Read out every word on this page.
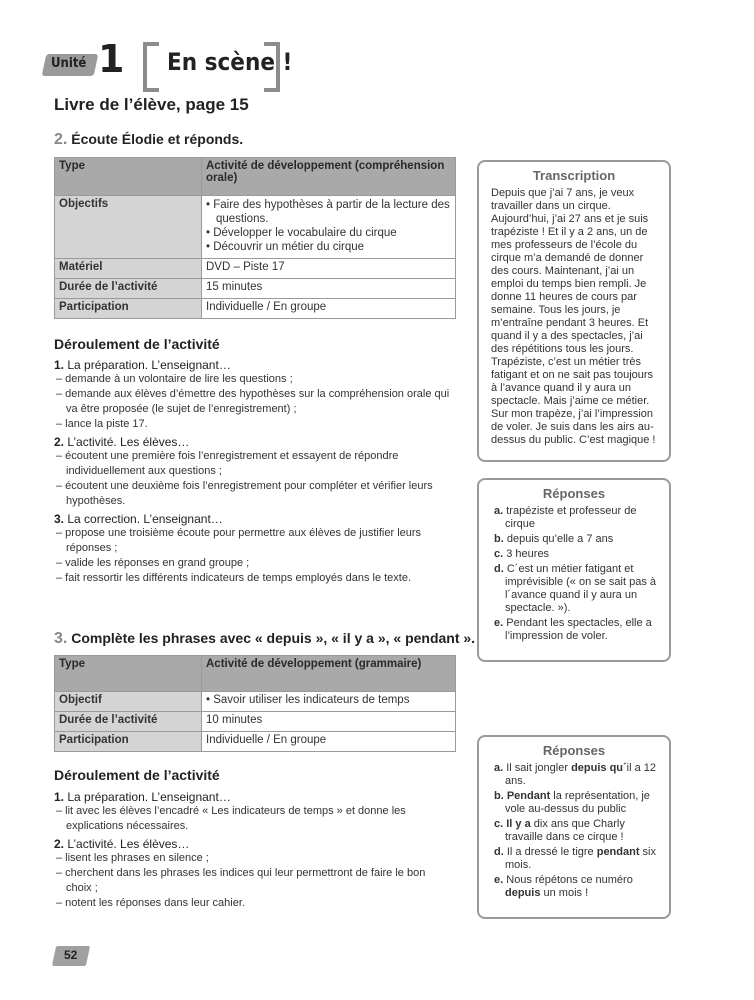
Unité 1 En scène !
Livre de l’élève, page 15
2. Écoute Élodie et réponds.
Type	Activité de développement (compréhension orale)
Objectifs	• Faire des hypothèses à partir de la lecture des questions.
• Développer le vocabulaire du cirque
• Découvrir un métier du cirque

Matériel	DVD – Piste 17
Durée de l’activité	15 minutes
Participation	Individuelle / En groupe
Déroulement de l’activité
1. La préparation. L’enseignant…
– demande à un volontaire de lire les questions ;
– demande aux élèves d’émettre des hypothèses sur la compréhension orale qui va être proposée (le sujet de l’enregistrement) ;
– lance la piste 17.
2. L’activité. Les élèves…
– écoutent une première fois l’enregistrement et essayent de répondre individuellement aux questions ;
– écoutent une deuxième fois l’enregistrement pour compléter et vérifier leurs hypothèses.
3. La correction. L’enseignant…
– propose une troisième écoute pour permettre aux élèves de justifier leurs réponses ;
– valide les réponses en grand groupe ;
– fait ressortir les différents indicateurs de temps employés dans le texte.
3. Complète les phrases avec « depuis », « il y a », « pendant ».
Type	Activité de développement (grammaire)
Objectif	• Savoir utiliser les indicateurs de temps
Durée de l’activité	10 minutes
Participation	Individuelle / En groupe
Déroulement de l’activité
1. La préparation. L’enseignant…
– lit avec les élèves l’encadré « Les indicateurs de temps » et donne les explications nécessaires.
2. L’activité. Les élèves…
– lisent les phrases en silence ;
– cherchent dans les phrases les indices qui leur permettront de faire le bon choix ;
– notent les réponses dans leur cahier.
Transcription
Depuis que j’ai 7 ans, je veux travailler dans un cirque. Aujourd’hui, j’ai 27 ans et je suis trapéziste ! Et il y a 2 ans, un de mes professeurs de l’école du cirque m’a demandé de donner des cours. Maintenant, j’ai un emploi du temps bien rempli. Je donne 11 heures de cours par semaine. Tous les jours, je m’entraîne pendant 3 heures. Et quand il y a des spectacles, j’ai des répétitions tous les jours. Trapéziste, c’est un métier très fatigant et on ne sait pas toujours à l’avance quand il y aura un spectacle. Mais j’aime ce métier. Sur mon trapèze, j’ai l’impression de voler. Je suis dans les airs au-dessus du public. C’est magique !
Réponses
a. trapéziste et professeur de cirque
b. depuis qu’elle a 7 ans
c. 3 heures
d. C´est un métier fatigant et imprévisible (« on se sait pas à l´avance quand il y aura un spectacle. »).
e. Pendant les spectacles, elle a l’impression de voler.
Réponses
a. Il sait jongler depuis qu´il a 12 ans.
b. Pendant la représentation, je vole au-dessus du public
c. Il y a dix ans que Charly travaille dans ce cirque !
d. Il a dressé le tigre pendant six mois.
e. Nous répétons ce numéro depuis un mois !
52
